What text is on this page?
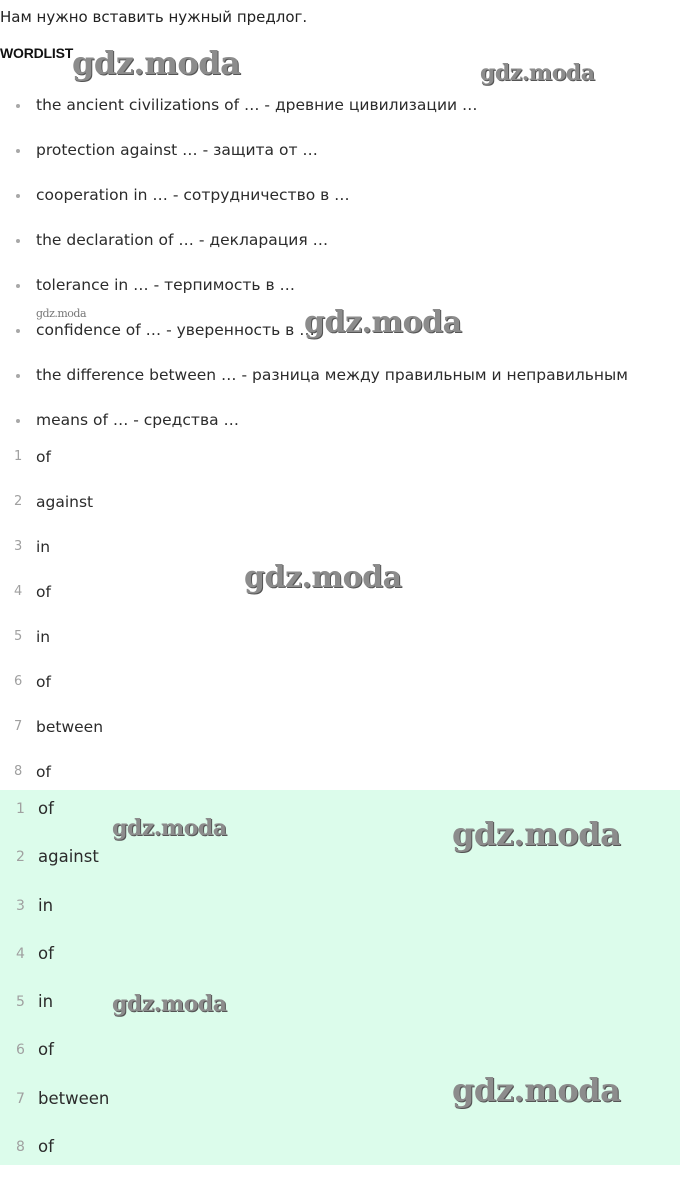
Нам нужно вставить нужный предлог.
WORDLIST
the ancient civilizations of … - древние цивилизации …
protection against … - защита от …
cooperation in … - сотрудничество в …
the declaration of … - декларация …
tolerance in … - терпимость в …
confidence of … - уверенность в …
the difference between … - разница между правильным и неправильным
means of … - средства …
1 of
2 against
3 in
4 of
5 in
6 of
7 between
8 of
1 of
2 against
3 in
4 of
5 in
6 of
7 between
8 of
gdz.moda	gdz.moda
gdz.moda	gdz.moda
gdz.moda
gdz.moda	gdz.moda
gdz.moda
gdz.moda
